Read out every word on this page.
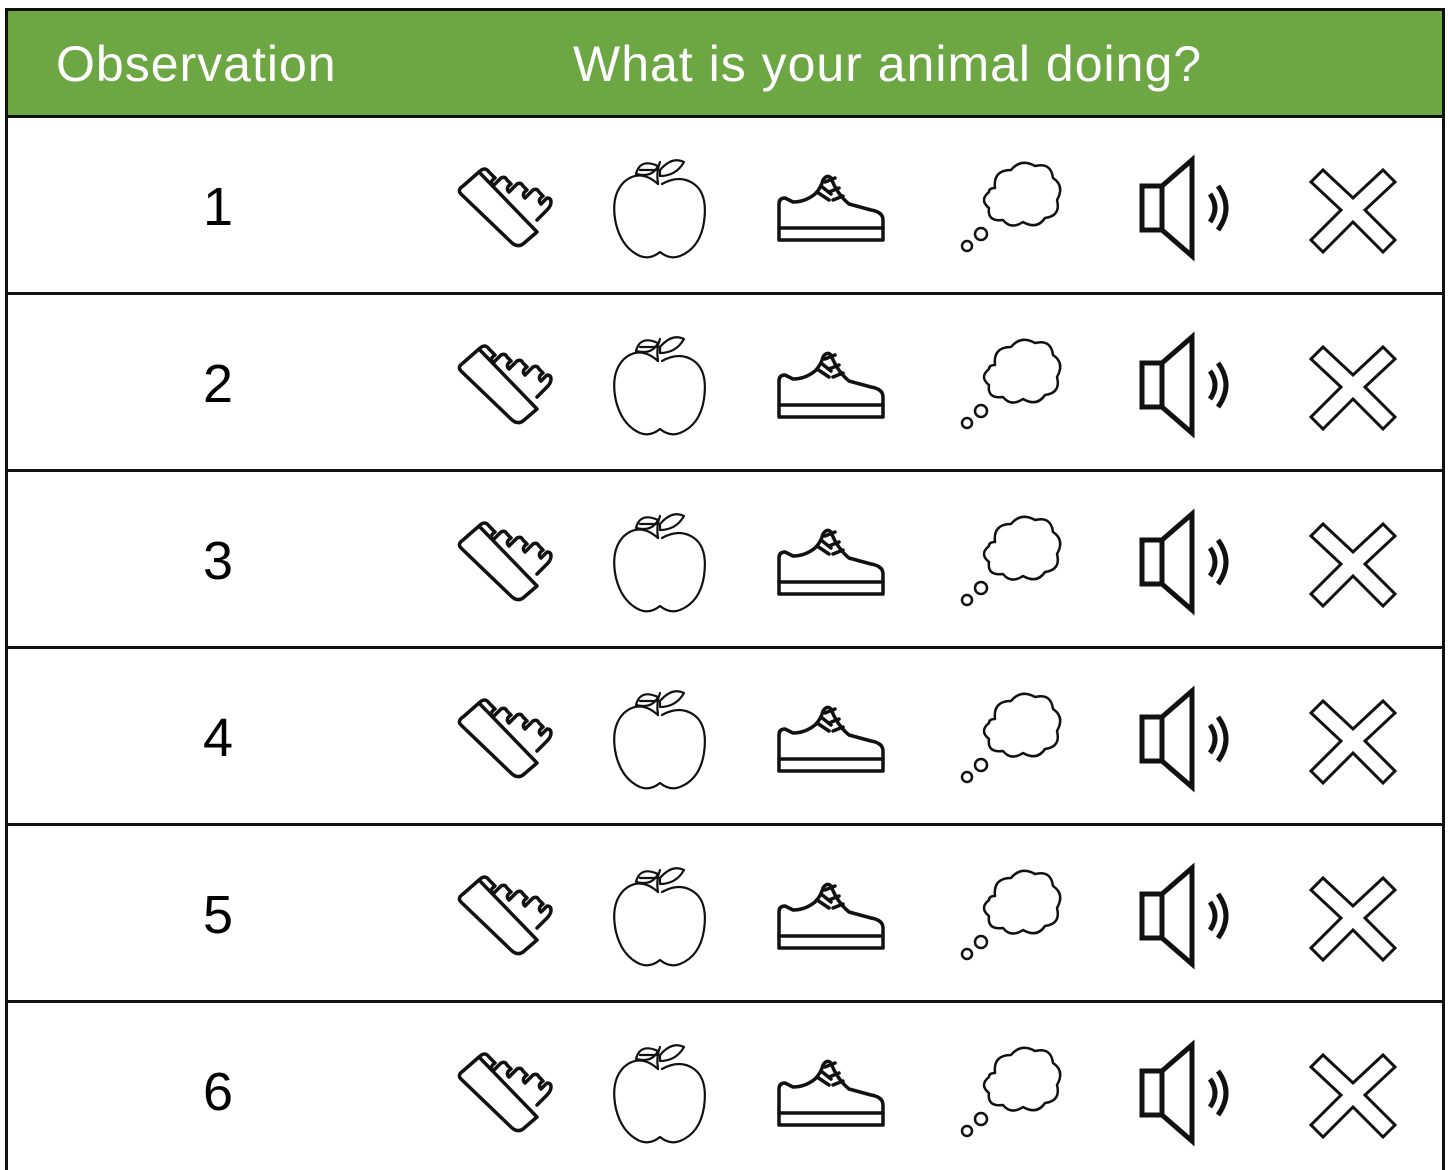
Observation	What is your animal doing?
1
2
3
4
5
6
